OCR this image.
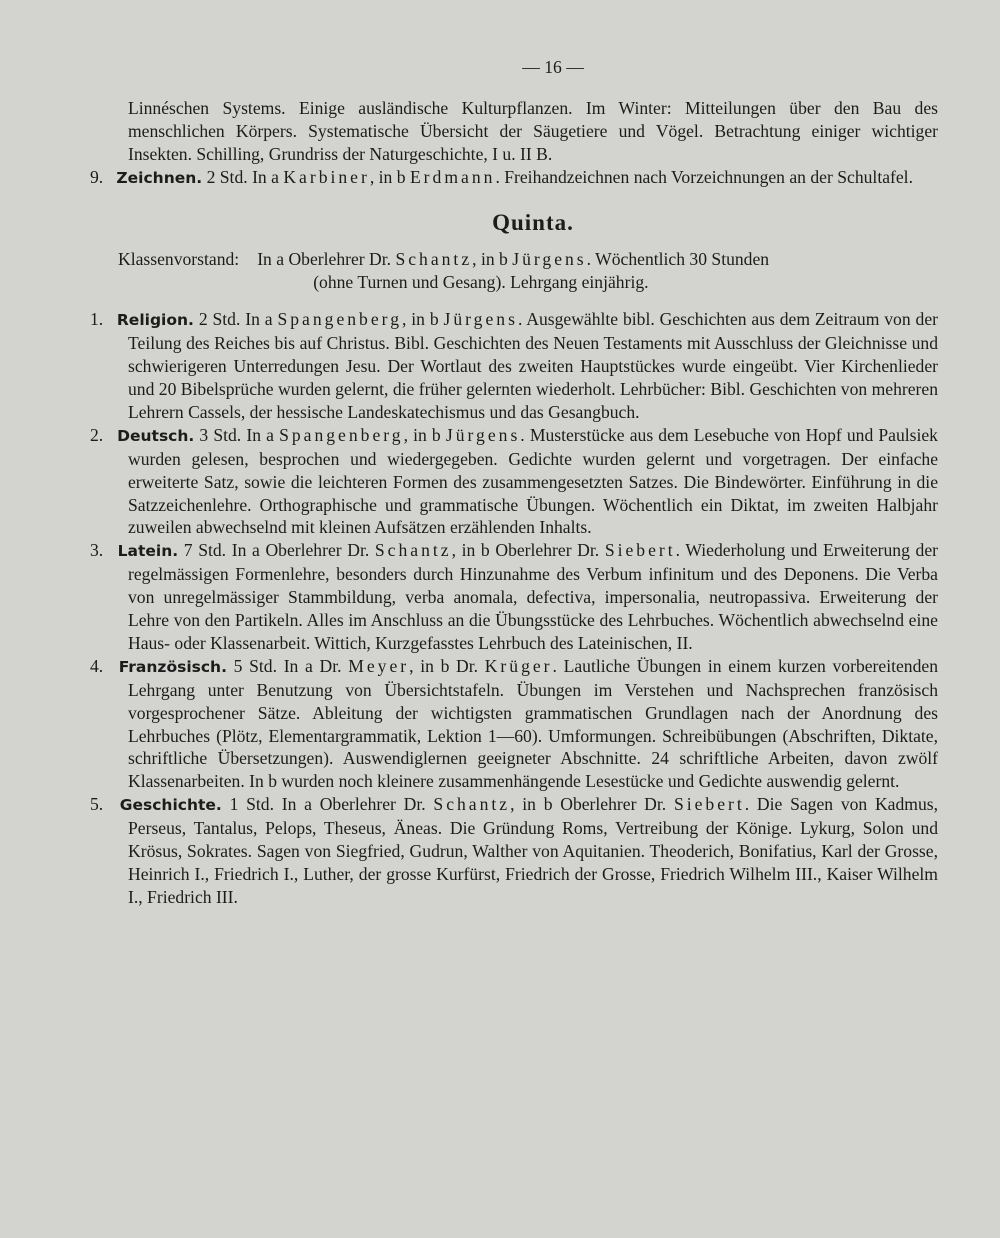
— 16 —

Linnéschen Systems. Einige ausländische Kulturpflanzen. Im Winter: Mitteilungen über den Bau des menschlichen Körpers. Systematische Übersicht der Säugetiere und Vögel. Betrachtung einiger wichtiger Insekten. Schilling, Grundriss der Naturgeschichte, I u. II B.

9. Zeichnen. 2 Std. In a Karbiner, in b Erdmann. Freihandzeichnen nach Vorzeichnungen an der Schultafel.

Quinta.
Klassenvorstand: In a Oberlehrer Dr. Schantz, in b Jürgens. Wöchentlich 30 Stunden
(ohne Turnen und Gesang). Lehrgang einjährig.

1. Religion. 2 Std. In a Spangenberg, in b Jürgens. Ausgewählte bibl. Geschichten aus dem Zeitraum von der Teilung des Reiches bis auf Christus. Bibl. Geschichten des Neuen Testaments mit Ausschluss der Gleichnisse und schwierigeren Unterredungen Jesu. Der Wortlaut des zweiten Hauptstückes wurde eingeübt. Vier Kirchenlieder und 20 Bibelsprüche wurden gelernt, die früher gelernten wiederholt. Lehrbücher: Bibl. Geschichten von mehreren Lehrern Cassels, der hessische Landeskatechismus und das Gesangbuch.

2. Deutsch. 3 Std. In a Spangenberg, in b Jürgens. Musterstücke aus dem Lesebuche von Hopf und Paulsiek wurden gelesen, besprochen und wiedergegeben. Gedichte wurden gelernt und vorgetragen. Der einfache erweiterte Satz, sowie die leichteren Formen des zusammengesetzten Satzes. Die Bindewörter. Einführung in die Satzzeichenlehre. Orthographische und grammatische Übungen. Wöchentlich ein Diktat, im zweiten Halbjahr zuweilen abwechselnd mit kleinen Aufsätzen erzählenden Inhalts.

3. Latein. 7 Std. In a Oberlehrer Dr. Schantz, in b Oberlehrer Dr. Siebert. Wiederholung und Erweiterung der regelmässigen Formenlehre, besonders durch Hinzunahme des Verbum infinitum und des Deponens. Die Verba von unregelmässiger Stammbildung, verba anomala, defectiva, impersonalia, neutropassiva. Erweiterung der Lehre von den Partikeln. Alles im Anschluss an die Übungsstücke des Lehrbuches. Wöchentlich abwechselnd eine Haus- oder Klassenarbeit. Wittich, Kurzgefasstes Lehrbuch des Lateinischen, II.

4. Französisch. 5 Std. In a Dr. Meyer, in b Dr. Krüger. Lautliche Übungen in einem kurzen vorbereitenden Lehrgang unter Benutzung von Übersichtstafeln. Übungen im Verstehen und Nachsprechen französisch vorgesprochener Sätze. Ableitung der wichtigsten grammatischen Grundlagen nach der Anordnung des Lehrbuches (Plötz, Elementargrammatik, Lektion 1—60). Umformungen. Schreibübungen (Abschriften, Diktate, schriftliche Übersetzungen). Auswendiglernen geeigneter Abschnitte. 24 schriftliche Arbeiten, davon zwölf Klassenarbeiten. In b wurden noch kleinere zusammenhängende Lesestücke und Gedichte auswendig gelernt.

5. Geschichte. 1 Std. In a Oberlehrer Dr. Schantz, in b Oberlehrer Dr. Siebert. Die Sagen von Kadmus, Perseus, Tantalus, Pelops, Theseus, Äneas. Die Gründung Roms, Vertreibung der Könige. Lykurg, Solon und Krösus, Sokrates. Sagen von Siegfried, Gudrun, Walther von Aquitanien. Theoderich, Bonifatius, Karl der Grosse, Heinrich I., Friedrich I., Luther, der grosse Kurfürst, Friedrich der Grosse, Friedrich Wilhelm III., Kaiser Wilhelm I., Friedrich III.
